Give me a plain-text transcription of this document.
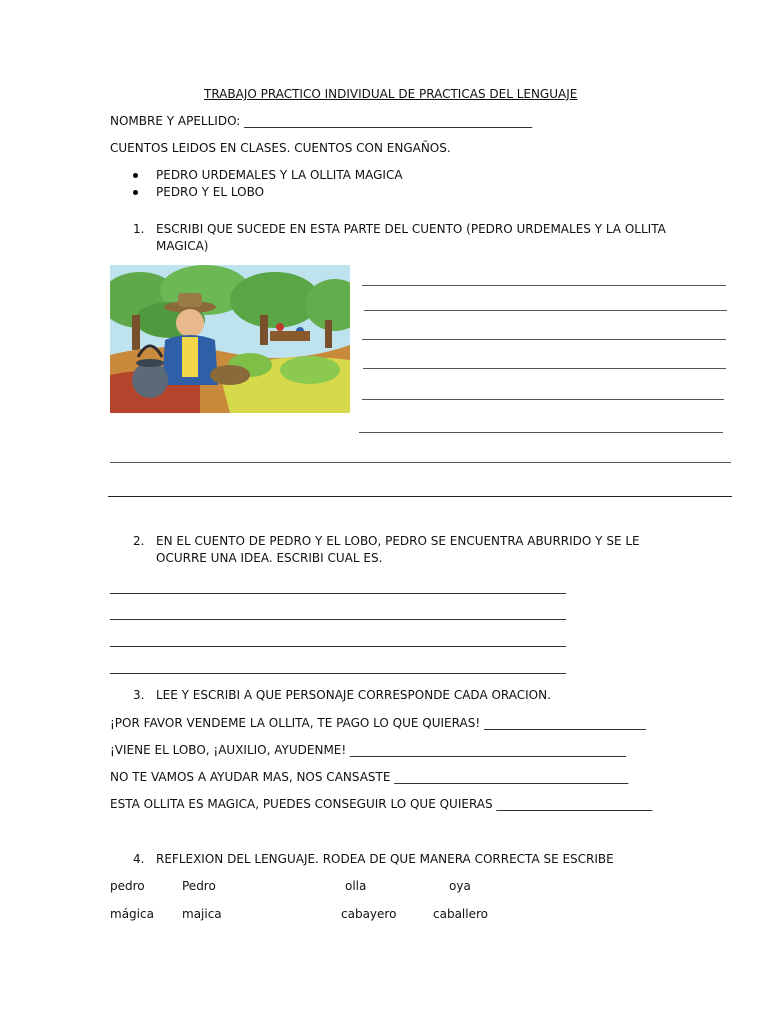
TRABAJO PRACTICO INDIVIDUAL DE PRACTICAS DEL LENGUAJE
NOMBRE Y APELLIDO: ________________________________________________
CUENTOS LEIDOS EN CLASES. CUENTOS CON ENGAÑOS.
PEDRO URDEMALES Y LA OLLITA MAGICA
PEDRO Y EL LOBO
1. ESCRIBI QUE SUCEDE EN ESTA PARTE DEL CUENTO (PEDRO URDEMALES Y LA OLLITA
MAGICA)
2. EN EL CUENTO DE PEDRO Y EL LOBO, PEDRO SE ENCUENTRA ABURRIDO Y SE LE
OCURRE UNA IDEA. ESCRIBI CUAL ES.
____________________________________________________________________________
____________________________________________________________________________
____________________________________________________________________________
____________________________________________________________________________
3. LEE Y ESCRIBI A QUE PERSONAJE CORRESPONDE CADA ORACION.
¡POR FAVOR VENDEME LA OLLITA, TE PAGO LO QUE QUIERAS! ___________________________
¡VIENE EL LOBO, ¡AUXILIO, AYUDENME! ______________________________________________
NO TE VAMOS A AYUDAR MAS, NOS CANSASTE _______________________________________
ESTA OLLITA ES MAGICA, PUEDES CONSEGUIR LO QUE QUIERAS __________________________
4. REFLEXION DEL LENGUAJE. RODEA DE QUE MANERA CORRECTA SE ESCRIBE
pedro	Pedro	olla	oya
mágica majica	cabayero	caballero
